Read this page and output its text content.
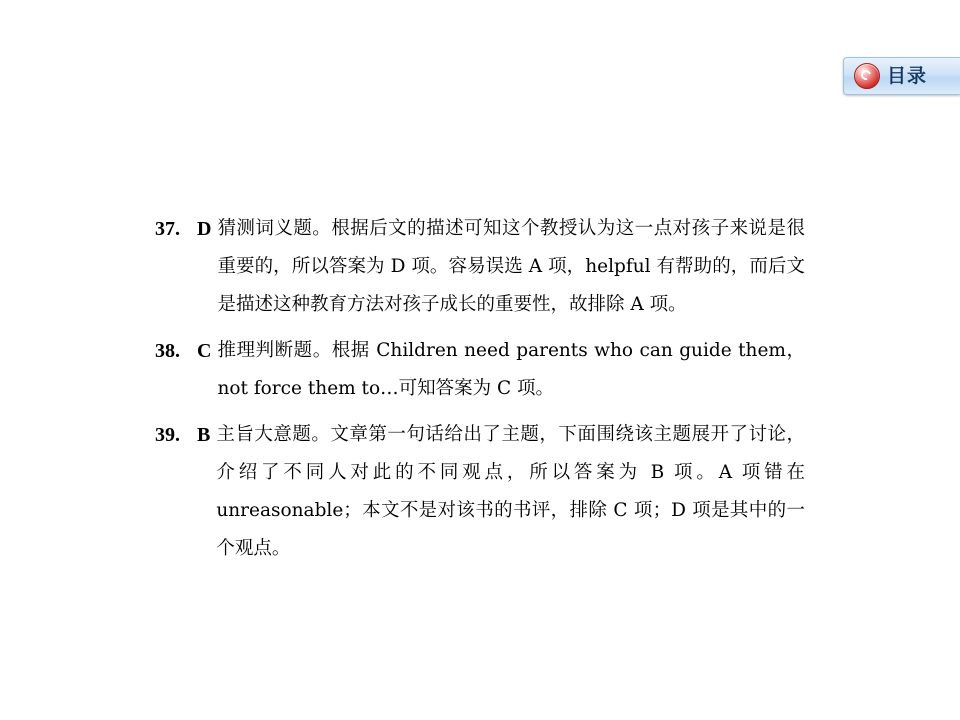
目录
37. D 猜测词义题。根据后文的描述可知这个教授认为这一点对孩子来说是很重要的，所以答案为 D 项。容易误选 A 项，helpful 有帮助的，而后文是描述这种教育方法对孩子成长的重要性，故排除 A 项。
38. C 推理判断题。根据 Children need parents who can guide them，not force them to…可知答案为 C 项。
39. B 主旨大意题。文章第一句话给出了主题，下面围绕该主题展开了讨论，介绍了不同人对此的不同观点，所以答案为 B 项。A 项错在 unreasonable；本文不是对该书的书评，排除 C 项；D 项是其中的一个观点。
